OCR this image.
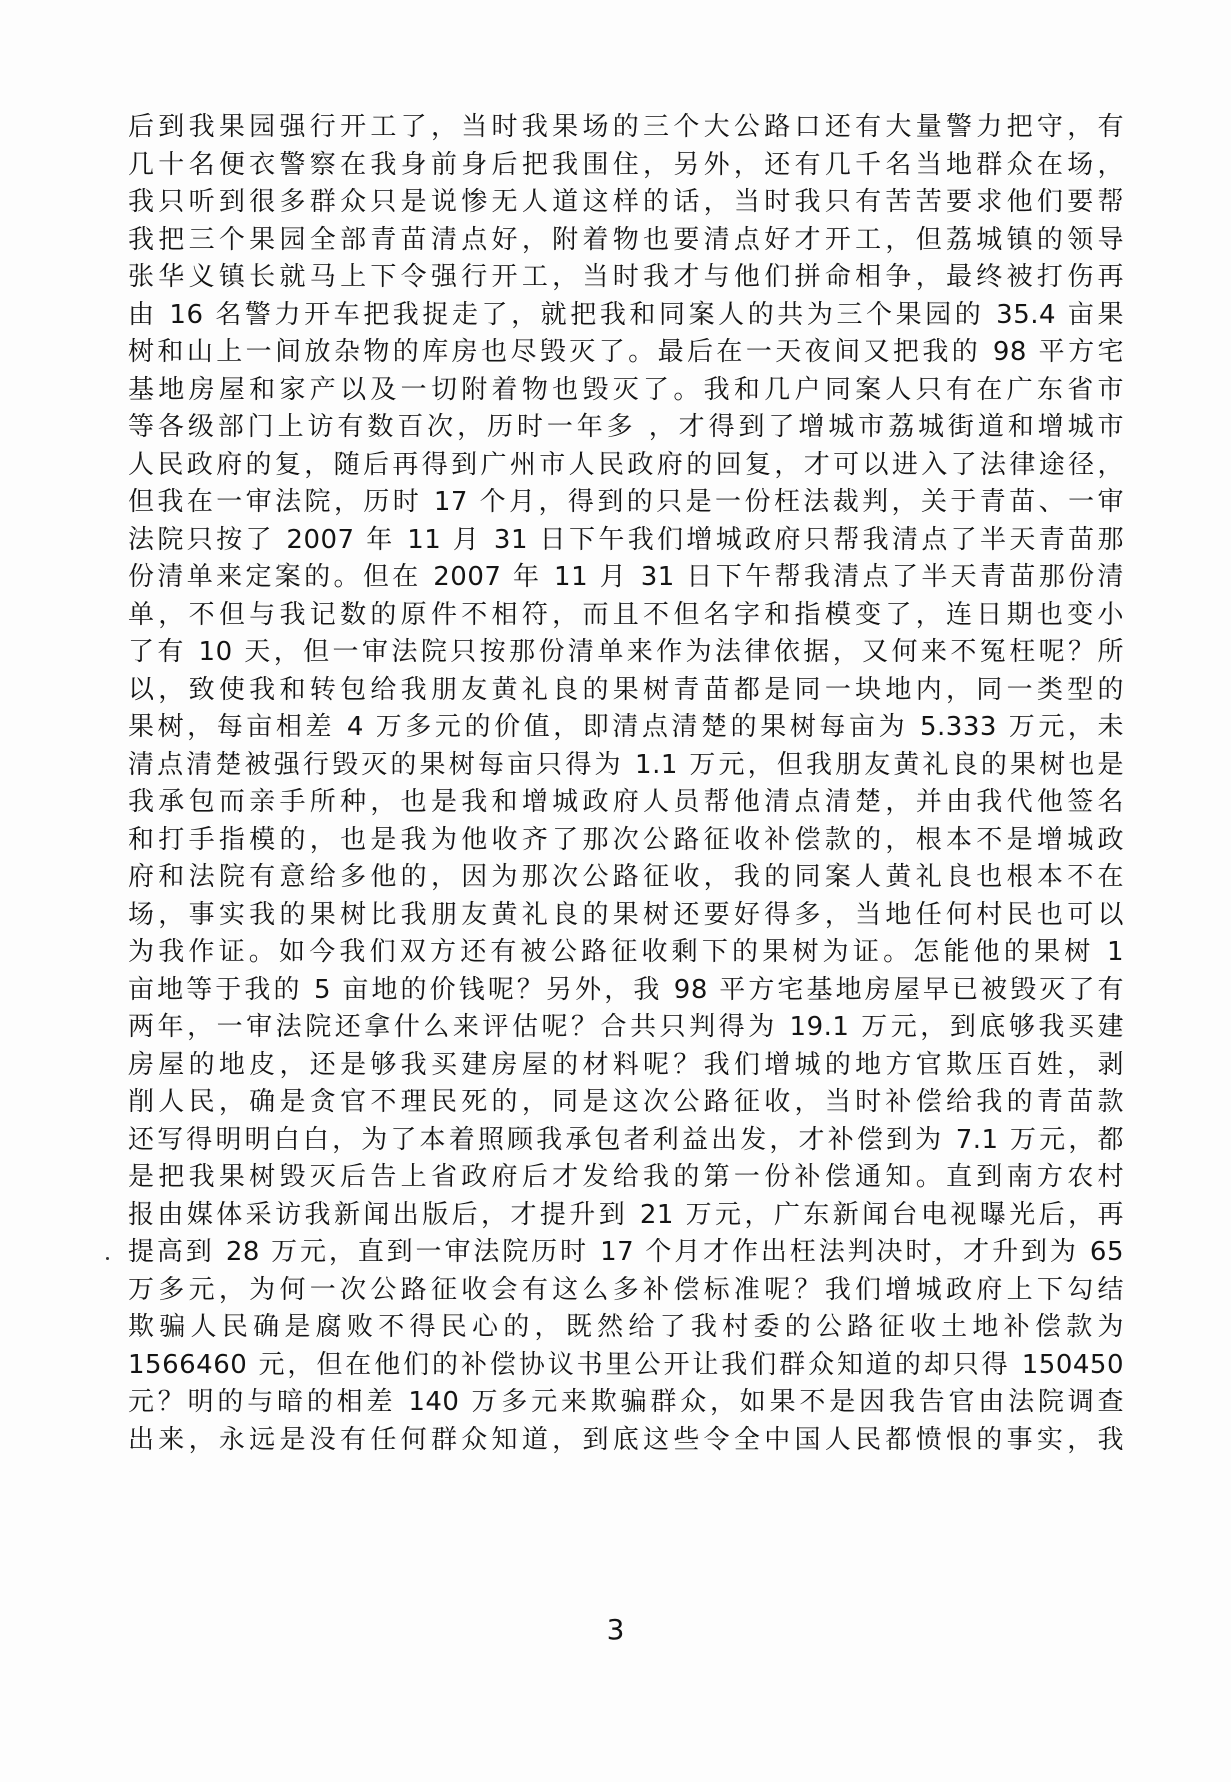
后到我果园强行开工了，当时我果场的三个大公路口还有大量警力把守，有
几十名便衣警察在我身前身后把我围住，另外，还有几千名当地群众在场，
我只听到很多群众只是说惨无人道这样的话，当时我只有苦苦要求他们要帮
我把三个果园全部青苗清点好，附着物也要清点好才开工，但荔城镇的领导
张华义镇长就马上下令强行开工，当时我才与他们拼命相争，最终被打伤再
由 16 名警力开车把我捉走了，就把我和同案人的共为三个果园的 35.4 亩果
树和山上一间放杂物的库房也尽毁灭了。最后在一天夜间又把我的 98 平方宅
基地房屋和家产以及一切附着物也毁灭了。我和几户同案人只有在广东省市
等各级部门上访有数百次，历时一年多 ，才得到了增城市荔城街道和增城市
人民政府的复，随后再得到广州市人民政府的回复，才可以进入了法律途径，
但我在一审法院，历时 17 个月，得到的只是一份枉法裁判，关于青苗、一审
法院只按了 2007 年 11 月 31 日下午我们增城政府只帮我清点了半天青苗那
份清单来定案的。但在 2007 年 11 月 31 日下午帮我清点了半天青苗那份清
单，不但与我记数的原件不相符，而且不但名字和指模变了，连日期也变小
了有 10 天，但一审法院只按那份清单来作为法律依据，又何来不冤枉呢？所
以，致使我和转包给我朋友黄礼良的果树青苗都是同一块地内，同一类型的
果树，每亩相差 4 万多元的价值，即清点清楚的果树每亩为 5.333 万元，未
清点清楚被强行毁灭的果树每亩只得为 1.1 万元，但我朋友黄礼良的果树也是
我承包而亲手所种，也是我和增城政府人员帮他清点清楚，并由我代他签名
和打手指模的，也是我为他收齐了那次公路征收补偿款的，根本不是增城政
府和法院有意给多他的，因为那次公路征收，我的同案人黄礼良也根本不在
场，事实我的果树比我朋友黄礼良的果树还要好得多，当地任何村民也可以
为我作证。如今我们双方还有被公路征收剩下的果树为证。怎能他的果树 1
亩地等于我的 5 亩地的价钱呢？另外，我 98 平方宅基地房屋早已被毁灭了有
两年，一审法院还拿什么来评估呢？合共只判得为 19.1 万元，到底够我买建
房屋的地皮，还是够我买建房屋的材料呢？我们增城的地方官欺压百姓，剥
削人民，确是贪官不理民死的，同是这次公路征收，当时补偿给我的青苗款
还写得明明白白，为了本着照顾我承包者利益出发，才补偿到为 7.1 万元，都
是把我果树毁灭后告上省政府后才发给我的第一份补偿通知。直到南方农村
报由媒体采访我新闻出版后，才提升到 21 万元，广东新闻台电视曝光后，再
提高到 28 万元，直到一审法院历时 17 个月才作出枉法判决时，才升到为 65
万多元，为何一次公路征收会有这么多补偿标准呢？我们增城政府上下勾结
欺骗人民确是腐败不得民心的，既然给了我村委的公路征收土地补偿款为
1566460 元，但在他们的补偿协议书里公开让我们群众知道的却只得 150450
元？明的与暗的相差 140 万多元来欺骗群众，如果不是因我告官由法院调查
出来，永远是没有任何群众知道，到底这些令全中国人民都愤恨的事实，我
3
